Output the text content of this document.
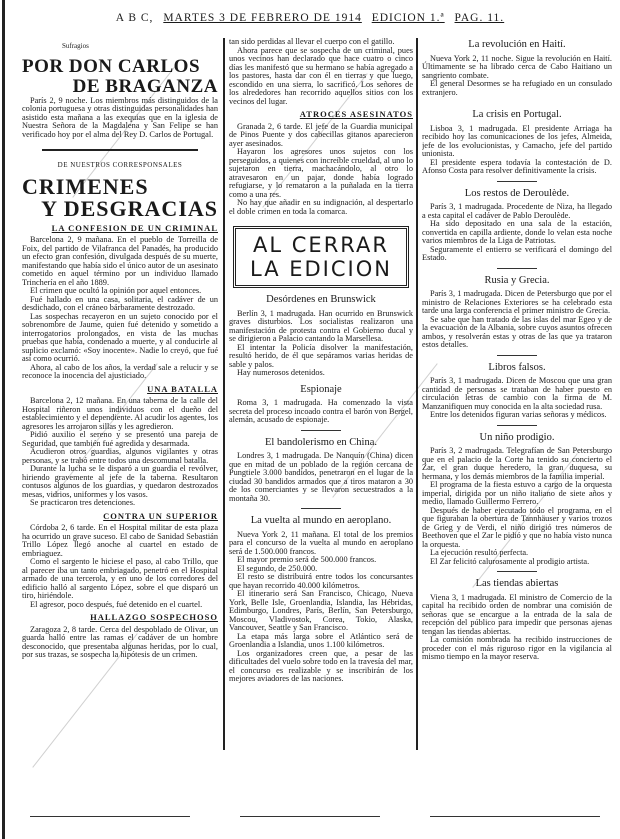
A B C, MARTES 3 DE FEBRERO DE 1914 EDICION 1.ª PAG. 11.
Sufragios
POR DON CARLOS
DE BRAGANZA

París 2, 9 noche. Los miembros más distinguidos de la colonia portuguesa y otras distinguidas personalidades han asistido esta mañana a las exequias que en la iglesia de Nuestra Señora de la Magdalena y San Felipe se han verificado hoy por el alma del Rey D. Carlos de Portugal.

DE NUESTROS CORRESPONSALES
CRIMENES
Y DESGRACIAS
LA CONFESION DE UN CRIMINAL

Barcelona 2, 9 mañana. En el pueblo de Torreilla de Foix, del partido de Vilafranca del Panadés, ha producido un efecto gran confesión, divulgada después de su muerte, manifestando que había sido el único autor de un asesinato cometido en aquel término por un individuo llamado Trinchería en el año 1889.

El crimen que ocultó la opinión por aquel entonces.

Fué hallado en una casa, solitaria, el cadáver de un desdichado, con el cráneo bárbaramente destrozado.

Las sospechas recayeron en un sujeto conocido por el sobrenombre de Jaume, quien fué detenido y sometido a interrogatorios prolongados, en vista de las muchas pruebas que había, condenado a muerte, y al conducirle al suplicio exclamó: «Soy inocente». Nadie lo creyó, que fué así como ocurrió.

Ahora, al cabo de los años, la verdad sale a relucir y se reconoce la inocencia del ajusticiado.

UNA BATALLA

Barcelona 2, 12 mañana. En una taberna de la calle del Hospital riñeron unos individuos con el dueño del establecimiento y el dependiente. Al acudir los agentes, los agresores les arrojaron sillas y les agredieron.

Pidió auxilio el sereno y se presentó una pareja de Seguridad, que también fué agredida y desarmada.

Acudieron otros guardias, algunos vigilantes y otras personas, y se trabó entre todos una descomunal batalla.

Durante la lucha se le disparó a un guardia el revólver, hiriendo gravemente al jefe de la taberna. Resultaron contusos algunos de los guardias, y quedaron destrozados mesas, vidrios, uniformes y los vasos.

Se practicaron tres detenciones.

CONTRA UN SUPERIOR

Córdoba 2, 6 tarde. En el Hospital militar de esta plaza ha ocurrido un grave suceso. El cabo de Sanidad Sebastián Trillo López llegó anoche al cuartel en estado de embriaguez.

Como el sargento le hiciese el paso, al cabo Trillo, que al parecer iba un tanto embriagado, penetró en el Hospital armado de una tercerola, y en uno de los corredores del edificio halló al sargento López, sobre el que disparó un tiro, hiriéndole.

El agresor, poco después, fué detenido en el cuartel.

HALLAZGO SOSPECHOSO

Zaragoza 2, 8 tarde. Cerca del despoblado de Olivar, un guarda halló entre las ramas el cadáver de un hombre desconocido, que presentaba algunas heridas, por lo cual, por sus trazas, se sospecha la hipótesis de un crimen.

tan sido perdidas al llevar el cuerpo con el gatillo.

Ahora parece que se sospecha de un criminal, pues unos vecinos han declarado que hace cuatro o cinco días les manifestó que su hermano se había agregado a los pastores, hasta dar con él en tierras y que luego, escondido en una sierra, lo sacrificó. Los señores de los alrededores han recorrido aquellos sitios con los vecinos del lugar.

ATROCES ASESINATOS

Granada 2, 6 tarde. El jefe de la Guardia municipal de Pinos Puente y dos cabecillas gitanos aparecieron ayer asesinados.

Hayaron los agresores unos sujetos con los perseguidos, a quienes con increíble crueldad, al uno lo sujetaron en tierra, machacándolo, al otro lo atravesaron en un pajar, donde había logrado refugiarse, y lo remataron a la puñalada en la tierra como a una res.

No hay que añadir en su indignación, al despertarlo el doble crimen en toda la comarca.

AL CERRAR
LA EDICION
Desórdenes en Brunswick

Berlín 3, 1 madrugada. Han ocurrido en Brunswick graves disturbios. Los socialistas realizaron una manifestación de protesta contra el Gobierno ducal y se dirigieron a Palacio cantando la Marsellesa.

El intentar la Policía disolver la manifestación, resultó herido, de él que sepáramos varias heridas de sable y palos.

Hay numerosos detenidos.

Espionaje

Roma 3, 1 madrugada. Ha comenzado la vista secreta del proceso incoado contra el barón von Bergel, alemán, acusado de espionaje.

El bandolerismo en China.

Londres 3, 1 madrugada. De Nanquín (China) dicen que en mitad de un poblado de la región cercana de Pungtiele 3.000 bandidos, penetraron en el lugar de la ciudad 30 bandidos armados que a tiros mataron a 30 de los comerciantes y se llevaron secuestrados a la montaña 30.

La vuelta al mundo en aeroplano.

Nueva York 2, 11 mañana. El total de los premios para el concurso de la vuelta al mundo en aeroplano será de 1.500.000 francos.

El mayor premio será de 500.000 francos.

El segundo, de 250.000.

El resto se distribuirá entre todos los concursantes que hayan recorrido 40.000 kilómetros.

El itinerario será San Francisco, Chicago, Nueva York, Belle Isle, Groenlandia, Islandia, las Hébridas, Edimburgo, Londres, París, Berlín, San Petersburgo, Moscou, Vladivostok, Corea, Tokio, Alaska, Vancouver, Seattle y San Francisco.

La etapa más larga sobre el Atlántico será de Groenlandia a Islandia, unos 1.100 kilómetros.

Los organizadores creen que, a pesar de las dificultades del vuelo sobre todo en la travesía del mar, el concurso es realizable y se inscribirán de los mejores aviadores de las naciones.

La revolución en Haití.

Nueva York 2, 11 noche. Sigue la revolución en Haití. Últimamente se ha librado cerca de Cabo Haitiano un sangriento combate.

El general Desormes se ha refugiado en un consulado extranjero.

La crisis en Portugal.

Lisboa 3, 1 madrugada. El presidente Arriaga ha recibido hoy las comunicaciones de los jefes, Almeida, jefe de los evolucionistas, y Camacho, jefe del partido unionista.

El presidente espera todavía la contestación de D. Afonso Costa para resolver definitivamente la crisis.

Los restos de Deroulède.

París 3, 1 madrugada. Procedente de Niza, ha llegado a esta capital el cadáver de Pablo Deroulède.

Ha sido depositado en una sala de la estación, convertida en capilla ardiente, donde lo velan esta noche varios miembros de la Liga de Patriotas.

Seguramente el entierro se verificará el domingo del Estado.

Rusia y Grecia.

París 3, 1 madrugada. Dicen de Petersburgo que por el ministro de Relaciones Exteriores se ha celebrado esta tarde una larga conferencia el primer ministro de Grecia.

Se sabe que han tratado de las islas del mar Egeo y de la evacuación de la Albania, sobre cuyos asuntos ofrecen ambos, y resolverán estas y otras de las que ya trataron estos detalles.

Libros falsos.

París 3, 1 madrugada. Dicen de Moscou que una gran cantidad de personas se trataban de haber puesto en circulación letras de cambio con la firma de M. Manzanifiquen muy conocida en la alta sociedad rusa.

Entre los detenidos figuran varias señoras y médicos.

Un niño prodigio.

París 3, 2 madrugada. Telegrafían de San Petersburgo que en el palacio de la Corte ha tenido su concierto el Zar, el gran duque heredero, la gran duquesa, su hermana, y los demás miembros de la familia imperial.

El programa de la fiesta estuvo a cargo de la orquesta imperial, dirigida por un niño italiano de siete años y medio, llamado Guillermo Ferrero.

Después de haber ejecutado todo el programa, en el que figuraban la obertura de Tannhäuser y varios trozos de Grieg y de Verdi, el niño dirigió tres números de Beethoven que el Zar le pidió y que no había visto nunca la orquesta.

La ejecución resultó perfecta.

El Zar felicitó calurosamente al prodigio artista.

Las tiendas abiertas

Viena 3, 1 madrugada. El ministro de Comercio de la capital ha recibido orden de nombrar una comisión de señoras que se encargue a la entrada de la sala de recepción del público para impedir que personas ajenas tengan las tiendas abiertas.

La comisión nombrada ha recibido instrucciones de proceder con el más riguroso rigor en la vigilancia al mismo tiempo en la mayor reserva.
